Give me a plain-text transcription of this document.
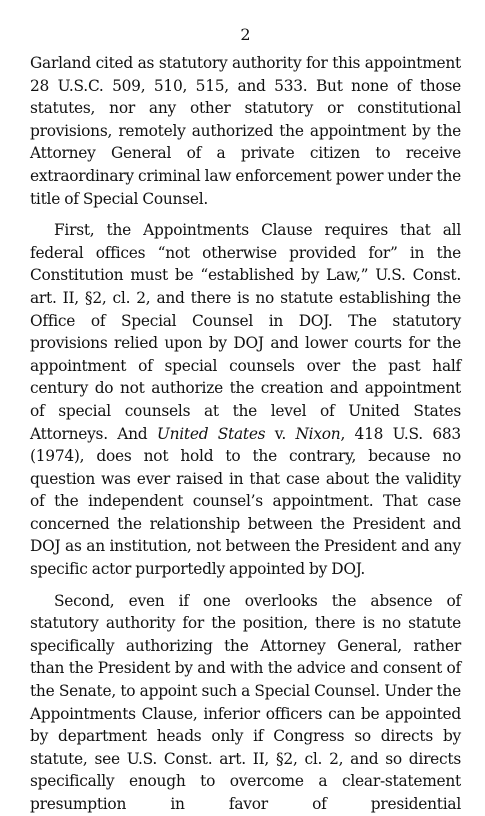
2

Garland cited as statutory authority for this appointment 28 U.S.C. 509, 510, 515, and 533. But none of those statutes, nor any other statutory or constitutional provisions, remotely authorized the appointment by the Attorney General of a private citizen to receive extraordinary criminal law enforcement power under the title of Special Counsel.

First, the Appointments Clause requires that all federal offices “not otherwise provided for” in the Constitution must be “established by Law,” U.S. Const. art. II, §2, cl. 2, and there is no statute establishing the Office of Special Counsel in DOJ. The statutory provisions relied upon by DOJ and lower courts for the appointment of special counsels over the past half century do not authorize the creation and appointment of special counsels at the level of United States Attorneys. And United States v. Nixon, 418 U.S. 683 (1974), does not hold to the contrary, because no question was ever raised in that case about the validity of the independent counsel’s appointment. That case concerned the relationship between the President and DOJ as an institution, not between the President and any specific actor purportedly appointed by DOJ.

Second, even if one overlooks the absence of statutory authority for the position, there is no statute specifically authorizing the Attorney General, rather than the President by and with the advice and consent of the Senate, to appoint such a Special Counsel. Under the Appointments Clause, inferior officers can be appointed by department heads only if Congress so directs by statute, see U.S. Const. art. II, §2, cl. 2, and so directs specifically enough to overcome a clear-statement presumption in favor of presidential
